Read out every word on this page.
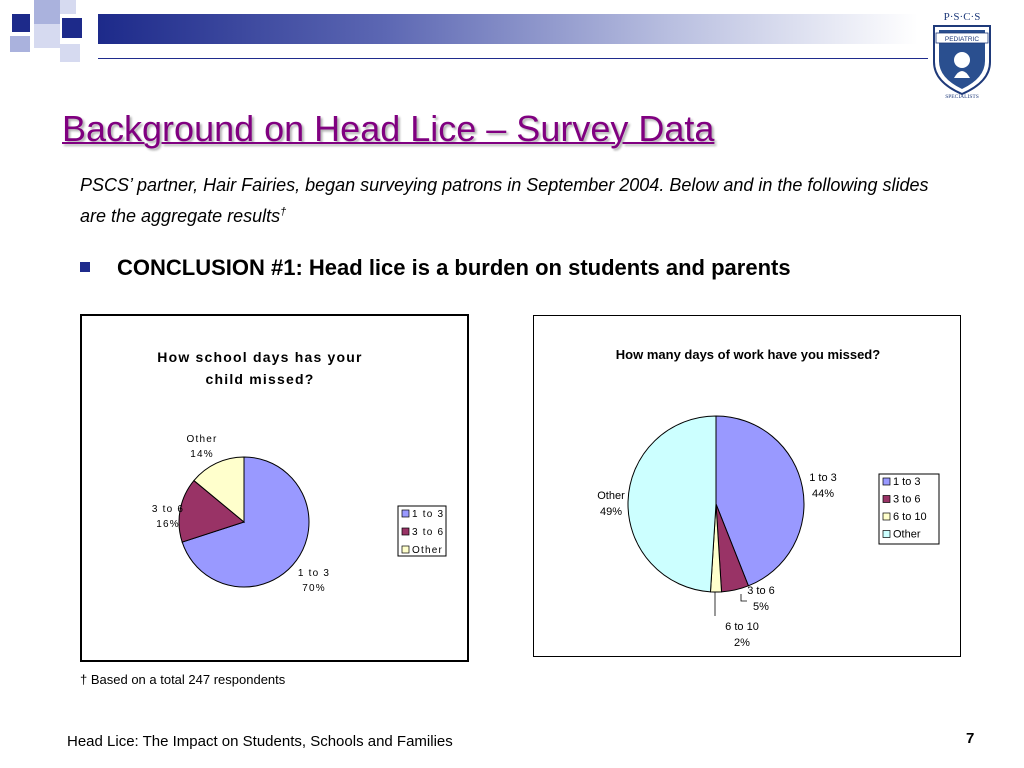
P·S·C·S
PEDIATRIC
SPECIALISTS
Background on Head Lice – Survey Data

PSCS’ partner, Hair Fairies, began surveying patrons in September 2004. Below and in the following slides are the aggregate results†

CONCLUSION #1: Head lice is a burden on students and parents

How school days has your
child missed?
1 to 3
70%
3 to 6
16%
Other
14%
1 to 3
3 to 6
Other
How many days of work have you missed?
1 to 3
44%
3 to 6
5%
6 to 10
2%
Other
49%
1 to 3
3 to 6
6 to 10
Other

† Based on a total 247 respondents

Head Lice: The Impact on Students, Schools and Families	7
